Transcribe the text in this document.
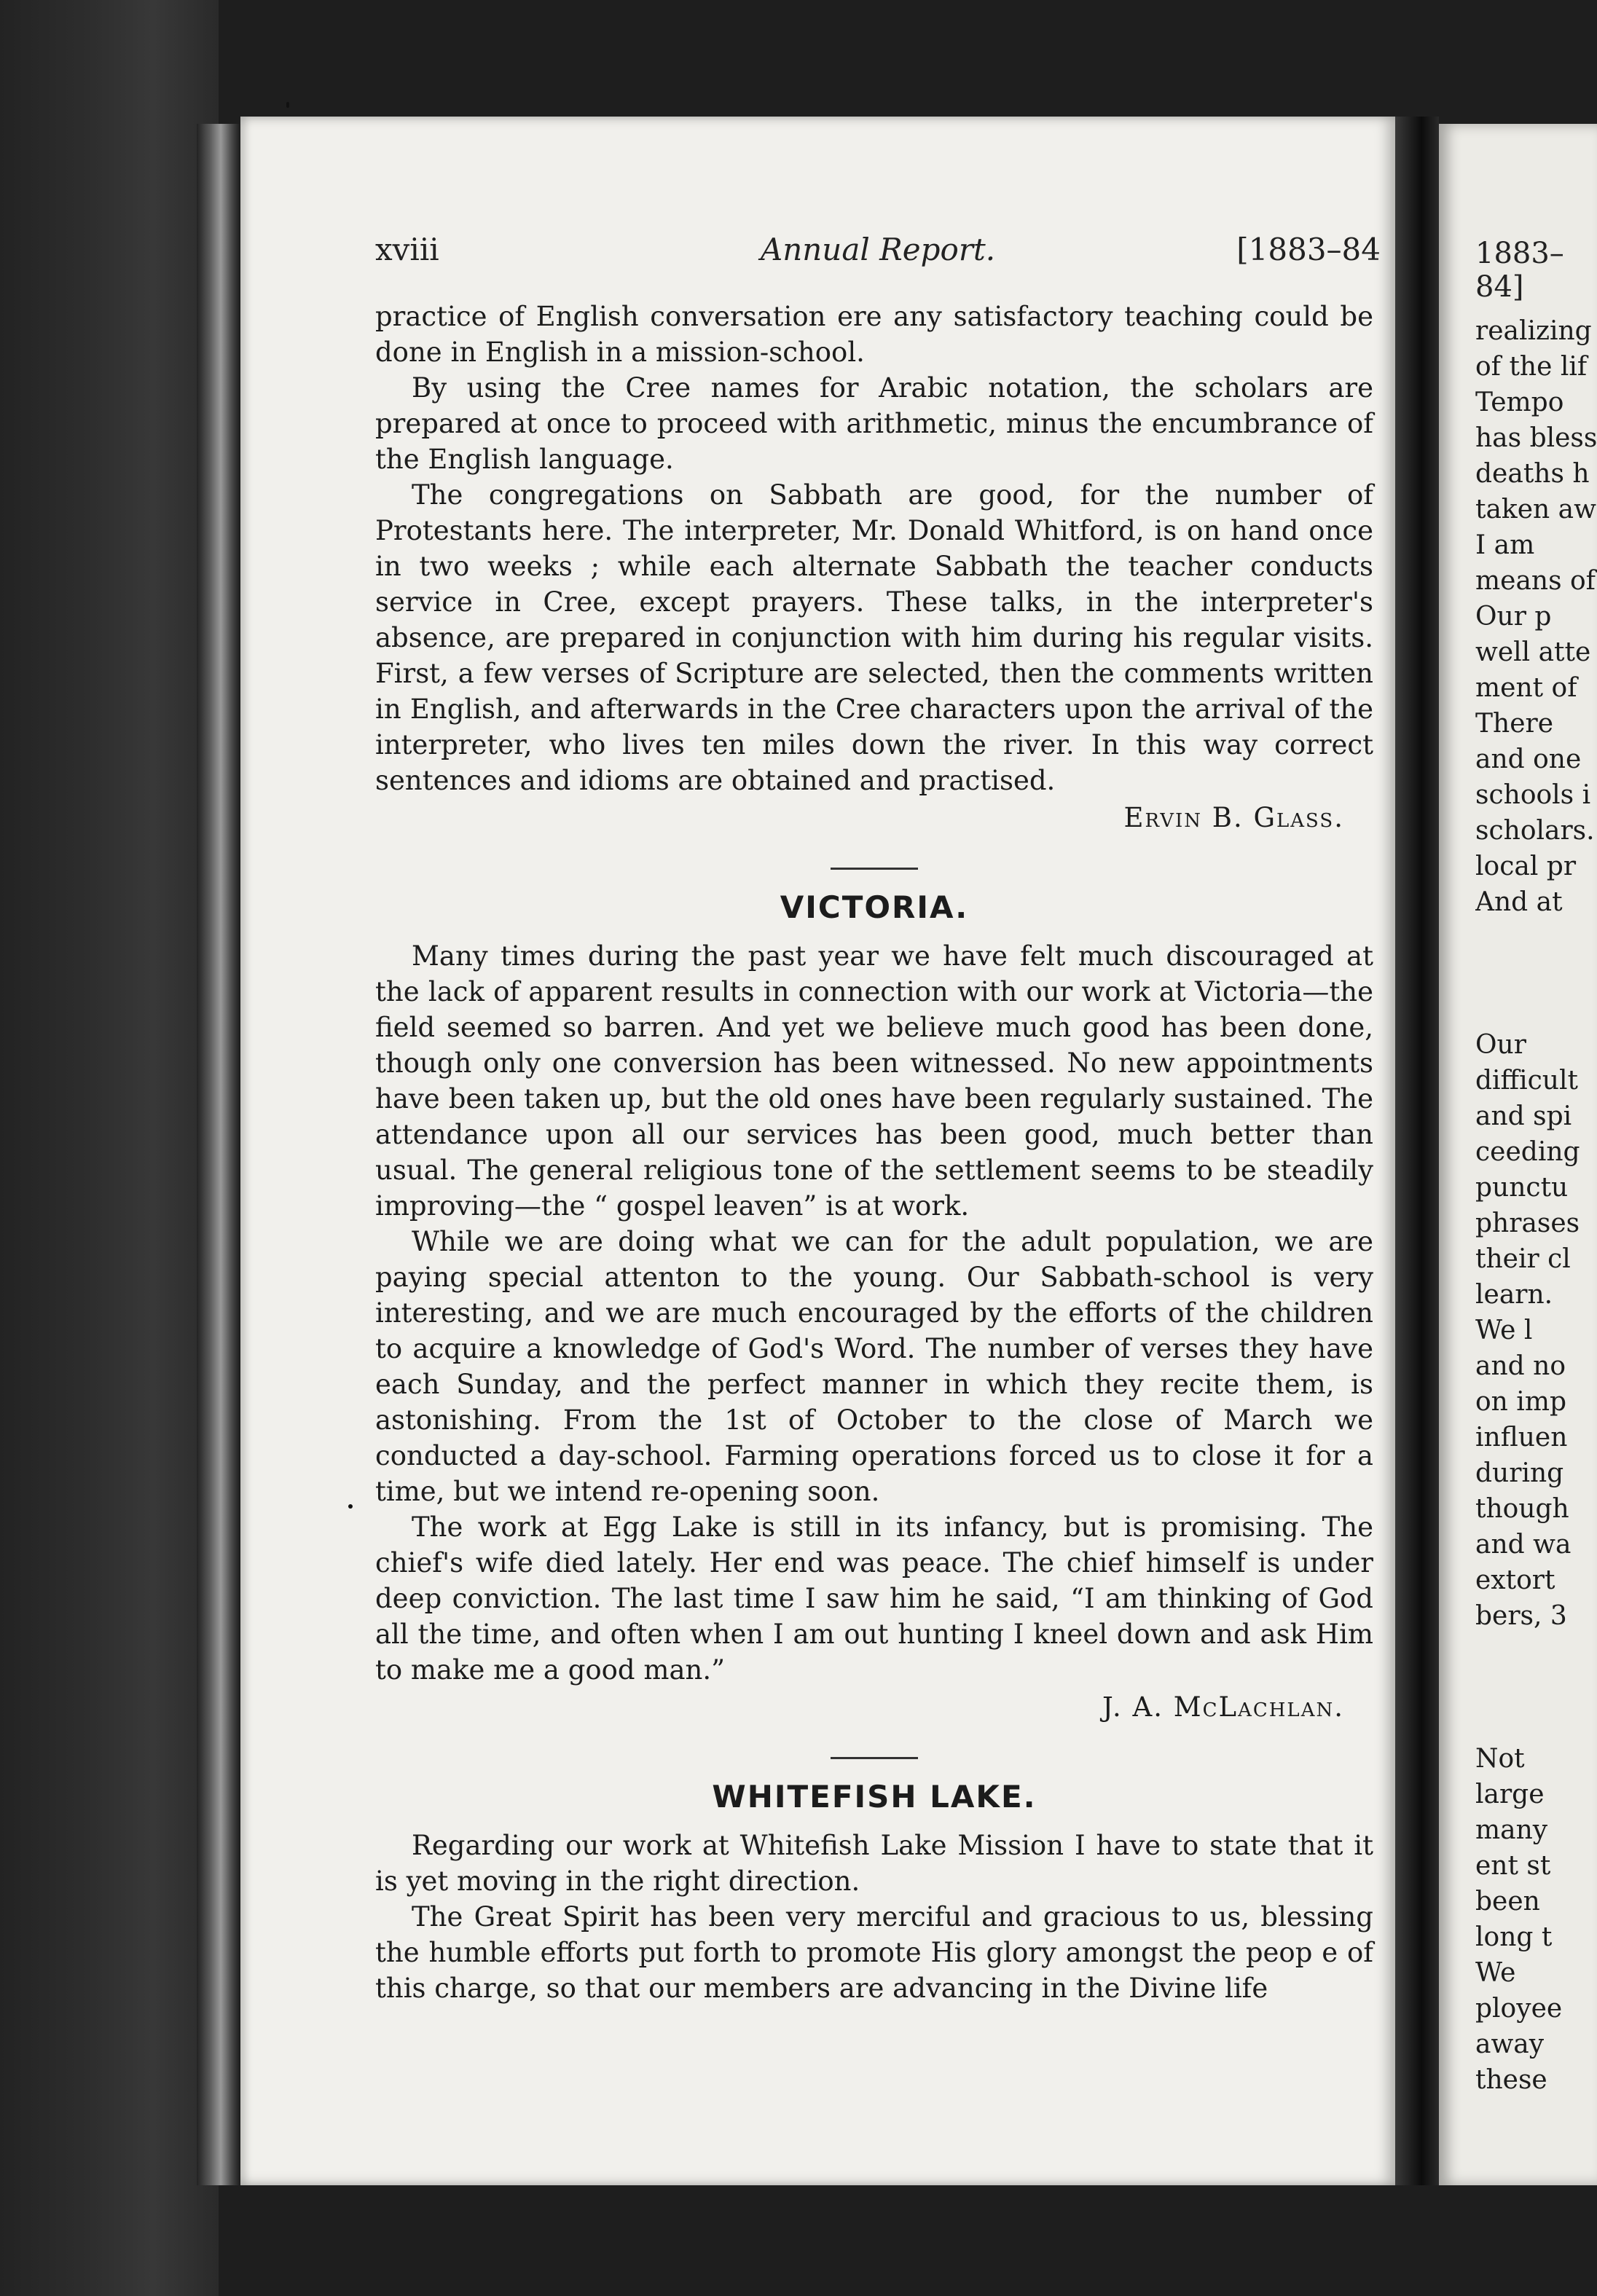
xviii	Annual Report.	[1883–84

practice of English conversation ere any satisfactory teaching could be done in English in a mission-school.

By using the Cree names for Arabic notation, the scholars are prepared at once to proceed with arithmetic, minus the encumbrance of the English language.

The congregations on Sabbath are good, for the number of Protestants here. The interpreter, Mr. Donald Whitford, is on hand once in two weeks ; while each alternate Sabbath the teacher conducts service in Cree, except prayers. These talks, in the interpreter's absence, are prepared in conjunction with him during his regular visits. First, a few verses of Scripture are selected, then the comments written in English, and afterwards in the Cree characters upon the arrival of the interpreter, who lives ten miles down the river. In this way correct sentences and idioms are obtained and practised.

Ervin B. Glass.
VICTORIA.

Many times during the past year we have felt much discouraged at the lack of apparent results in connection with our work at Victoria—the field seemed so barren. And yet we believe much good has been done, though only one conversion has been witnessed. No new appointments have been taken up, but the old ones have been regularly sustained. The attendance upon all our services has been good, much better than usual. The general religious tone of the settlement seems to be steadily improving—the “ gospel leaven” is at work.

While we are doing what we can for the adult population, we are paying special attenton to the young. Our Sabbath-school is very interesting, and we are much encouraged by the efforts of the children to acquire a knowledge of God's Word. The number of verses they have each Sunday, and the perfect manner in which they recite them, is astonishing. From the 1st of October to the close of March we conducted a day-school. Farming operations forced us to close it for a time, but we intend re-opening soon.

The work at Egg Lake is still in its infancy, but is promising. The chief's wife died lately. Her end was peace. The chief himself is under deep conviction. The last time I saw him he said, “I am thinking of God all the time, and often when I am out hunting I kneel down and ask Him to make me a good man.”

J. A. McLachlan.
WHITEFISH LAKE.

Regarding our work at Whitefish Lake Mission I have to state that it is yet moving in the right direction.

The Great Spirit has been very merciful and gracious to us, blessing the humble efforts put forth to promote His glory amongst the peop e of this charge, so that our members are advancing in the Divine life

1883–84]
realizing
of the lif
Tempo
has bless
deaths h
taken aw
I am
means of
Our p
well atte
ment of
There
and one
schools i
scholars.
local pr
And at
Our
difficult
and spi
ceeding
punctu
phrases
their cl
learn.
We l
and no
on imp
influen
during
though
and wa
extort
bers, 3
Not
large
many
ent st
been
long t
We
ployee
away
these
